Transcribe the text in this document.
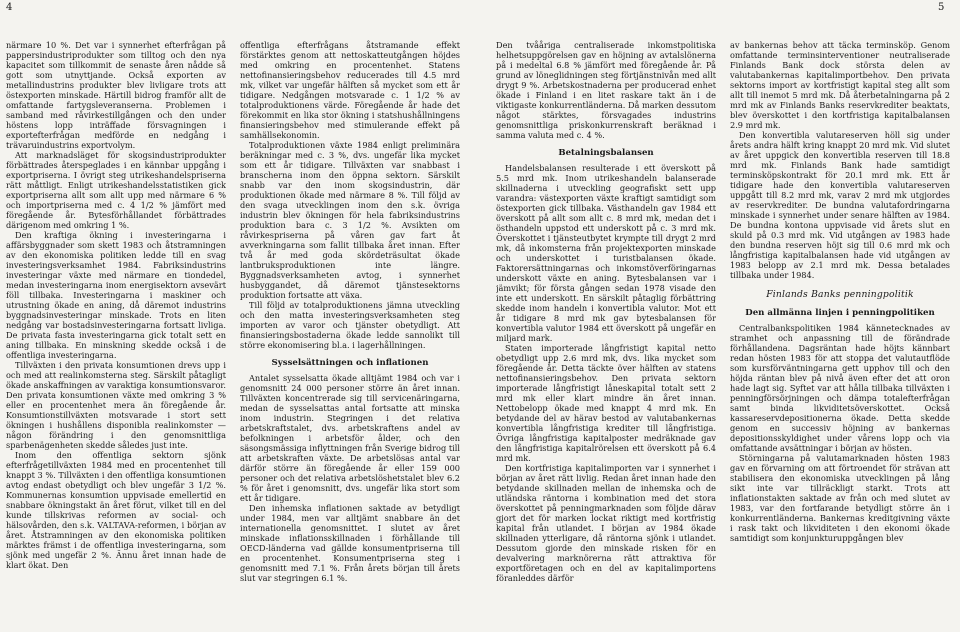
4	5

närmare 10 %. Det var i synnerhet efterfrågan på pappersindustriprodukter som tilltog och den nya kapacitet som tillkommit de senaste åren nådde så gott som utnyttjande. Också exporten av metallindustrins produkter blev livligare trots att östexporten minskade. Härtill bidrog framför allt de omfattande fartygsleveranserna. Problemen i samband med råvirkestillgången och den under höstens lopp inträffade försvagningen i exportefterfrågan medförde en nedgång i trävaruindustrins exportvolym.

Att marknadsläget för skogsindustriprodukter förbättrades återspeglades i en kännbar uppgång i exportpriserna. I övrigt steg utrikeshandelspriserna rätt måttligt. Enligt utrikeshandelsstatistiken gick exportpriserna allt som allt upp med närmare 6 % och importpriserna med c. 4 1/2 % jämfört med föregående år. Bytesförhållandet förbättrades därigenom med omkring 1 %.

Den kraftiga ökning i investeringarna i affärsbyggnader som skett 1983 och åtstramningen av den ekonomiska politiken ledde till en svag investeringsverksamhet 1984. Fabriksindustrins investeringar växte med närmare en tiondedel, medan investeringarna inom energisektorn avsevärt föll tillbaka. Investeringarna i maskiner och utrustning ökade en aning, då däremot industrins byggnadsinvesteringar minskade. Trots en liten nedgång var bostadsinvesteringarna fortsatt livliga. De privata fasta investeringarna gick totalt sett en aning tillbaka. En minskning skedde också i de offentliga investeringarna.

Tillväxten i den privata konsumtionen drevs upp i och med att realinkomsterna steg. Särskilt påtagligt ökade anskaffningen av varaktiga konsumtionsvaror. Den privata konsumtionen växte med omkring 3 % eller en procentenhet mera än föregående år. Konsumtionstillväxten motsvarade i stort sett ökningen i hushållens disponibla realinkomster — någon förändring i den genomsnittliga sparbenägenheten skedde således just inte.

Inom den offentliga sektorn sjönk efterfrågetillväxten 1984 med en procentenhet till knappt 3 %. Tillväxten i den offentliga konsumtionen avtog endast obetydligt och blev ungefär 3 1/2 %. Kommunernas konsumtion uppvisade emellertid en snabbare ökningstakt än året förut, vilket till en del kunde tillskrivas reformen av social- och hälsovården, den s.k. VALTAVA-reformen, i början av året. Åtstramningen av den ekonomiska politiken märktes främst i de offentliga investeringarna, som sjönk med ungefär 2 %. Ännu året innan hade de klart ökat. Den

offentliga efterfrågans åtstramande effekt förstärktes genom att nettoskatteutgången höjdes med omkring en procentenhet. Statens nettofinansieringsbehov reducerades till 4.5 mrd mk, vilket var ungefär hälften så mycket som ett år tidigare. Nedgången motsvarade c. 1 1/2 % av totalproduktionens värde. Föregående år hade det förekommit en lika stor ökning i statshushållningens finansieringsbehov med stimulerande effekt på samhällsekonomin.

Totalproduktionen växte 1984 enligt preliminära beräkningar med c. 3 %, dvs. ungefär lika mycket som ett år tidigare. Tillväxten var snabbast i branscherna inom den öppna sektorn. Särskilt snabb var den inom skogsindustrin, där produktionen ökade med närmare 8 %. Till följd av den svaga utvecklingen inom den s.k. övriga industrin blev ökningen för hela fabriksindustrins produktion bara c. 3 1/2 %. Avsikten om råvirkespriserna på våren gav fart åt avverkningarna som fallit tillbaka året innan. Efter två år med goda skördeträsultat ökade lantbruksproduktionen inte längre. Byggnadsverksamheten avtog, i synnerhet husbyggandet, då däremot tjänstesektorns produktion fortsatte att växa.

Till följd av totalproduktionens jämna utveckling och den matta investeringsverksamheten steg importen av varor och tjänster obetydligt. Att finansieringsbostaderna ökade ledde sannolikt till större ekonomisering bl.a. i lagerhållningen.

Sysselsättningen och inflationen

Antalet sysselsatta ökade alltjämt 1984 och var i genomsnitt 24 000 personer större än året innan. Tillväxten koncentrerade sig till servicenäringarna, medan de sysselsattas antal fortsatte att minska inom industrin. Stegringen i det relativa arbetskraftstalet, dvs. arbetskraftens andel av befolkningen i arbetsför ålder, och den säsongsmässiga inflyttningen från Sverige bidrog till att arbetskraften växte. De arbetslösas antal var därför större än föregående år eller 159 000 personer och det relativa arbetslöshetstalet blev 6.2 % för året i genomsnitt, dvs. ungefär lika stort som ett år tidigare.

Den inhemska inflationen saktade av betydligt under 1984, men var alltjämt snabbare än det internationella genomsnittet. I slutet av året minskade inflationsskillnaden i förhållande till OECD-länderna vad gällde konsumentpriserna till en procentenhet. Konsumentpriserna steg i genomsnitt med 7.1 %. Från årets början till årets slut var stegringen 6.1 %.

Den tvååriga centraliserade inkomstpolitiska helhetsuppgörelsen gav en höjning av avtalslönerna på i medeltal 6.8 % jämfört med föregående år. På grund av löneglidningen steg förtjänstnivån med allt drygt 9 %. Arbetskostnaderna per producerad enhet ökade i Finland i en litet raskare takt än i de viktigaste konkurrentländerna. Då marken dessutom något stärktes, försvagades industrins genomsnittliga priskonkurrenskraft beräknad i samma valuta med c. 4 %.

Betalningsbalansen

Handelsbalansen resulterade i ett överskott på 5.5 mrd mk. Inom utrikeshandeln balanserade skillnaderna i utveckling geografiskt sett upp varandra: västexporten växte kraftigt samtidigt som östexporten gick tillbaka. Västhandeln gav 1984 ett överskott på allt som allt c. 8 mrd mk, medan det i östhandeln uppstod ett underskott på c. 3 mrd mk. Överskottet i tjänsteutbytet krympte till drygt 2 mrd mk, då inkomsterna från projektexporten minskade och underskottet i turistbalansen ökade. Faktorersättningarnas och inkomstöverföringarnas underskott växte en aning. Bytesbalansen var i jämvikt; för första gången sedan 1978 visade den inte ett underskott. En särskilt påtaglig förbättring skedde inom handeln i konvertibla valutor. Mot ett år tidigare 8 mrd mk gav bytesbalansen för konvertibla valutor 1984 ett överskott på ungefär en miljard mark.

Staten importerade långfristigt kapital netto obetydligt upp 2.6 mrd mk, dvs. lika mycket som föregående år. Detta täckte över hälften av statens nettofinansieringsbehov. Den privata sektorn importerade långfristigt låneskapital totalt sett 2 mrd mk eller klart mindre än året innan. Nettobelopp ökade med knappt 4 mrd mk. En betydande del av härav bestod av valutabankernas konvertibla långfristiga krediter till långfristiga. Övriga långfristiga kapitalposter medräknade gav den långfristiga kapitalrörelsen ett överskott på 6.4 mrd mk.

Den kortfristiga kapitalimporten var i synnerhet i början av året rätt livlig. Redan året innan hade den betydande skillnaden mellan de inhemska och de utländska räntorna i kombination med det stora överskottet på penningmarknaden som följde därav gjort det för marken lockat riktigt med kortfristig kapital från utlandet. I början av 1984 ökade skillnaden ytterligare, då räntorna sjönk i utlandet. Dessutom gjorde den minskade risken för en devalvering marknörerna rätt attraktiva för exportföretagen och en del av kapitalimportens föranleddes därför

av bankernas behov att täcka terminsköp. Genom omfattande terminsinterventioner neutraliserade Finlands Bank dock största delen av valutabankernas kapitalimportbehov. Den privata sektorns import av kortfristigt kapital steg allt som allt till inemot 5 mrd mk. Då återbetalningarna på 2 mrd mk av Finlands Banks reservkrediter beaktats, blev överskottet i den kortfristiga kapitalbalansen 2.9 mrd mk.

Den konvertibla valutareserven höll sig under årets andra hälft kring knappt 20 mrd mk. Vid slutet av året uppgick den konvertibla reserven till 18.8 mrd mk. Finlands Bank hade samtidigt terminsköpskontrakt för 20.1 mrd mk. Ett år tidigare hade den konvertibla valutareserven uppgått till 8.2 mrd mk, varav 2 mrd mk utgjordes av reservkrediter. De bundna valutafordringarna minskade i synnerhet under senare hälften av 1984. De bundna kontona uppvisade vid årets slut en skuld på 0.3 mrd mk. Vid utgången av 1983 hade den bundna reserven höjt sig till 0.6 mrd mk och långfristiga kapitalbalansen hade vid utgången av 1983 belopp av 2.1 mrd mk. Dessa betalades tillbaka under 1984.

Finlands Banks penningpolitik
Den allmänna linjen i penningpolitiken

Centralbankspolitiken 1984 kännetecknades av stramhet och anpassning till de förändrade förhållandena. Dagsräntan hade höjts kännbart redan hösten 1983 för att stoppa det valutautflöde som kursförväntningarna gett upphov till och den höjda räntan blev på nivå även efter det att oron hade lagt sig. Syftet var att hålla tillbaka tillväxten i penningförsörjningen och dämpa totalefterfrågan samt binda likviditetsöverskottet. Också kassareservdepositionerna ökade. Detta skedde genom en successiv höjning av bankernas depositionsskyldighet under vårens lopp och via omfattande avsättningar i början av hösten.

Störningarna på valutamarknaden hösten 1983 gav en förvarning om att förtroendet för strävan att stabilisera den ekonomiska utvecklingen på lång sikt inte var tillräckligt starkt. Trots att inflationstakten saktade av från och med slutet av 1983, var den fortfarande betydligt större än i konkurrentländerna. Bankernas kreditgivning växte i rask takt och likviditeten i den ekonomi ökade samtidigt som konjunkturuppgången blev
